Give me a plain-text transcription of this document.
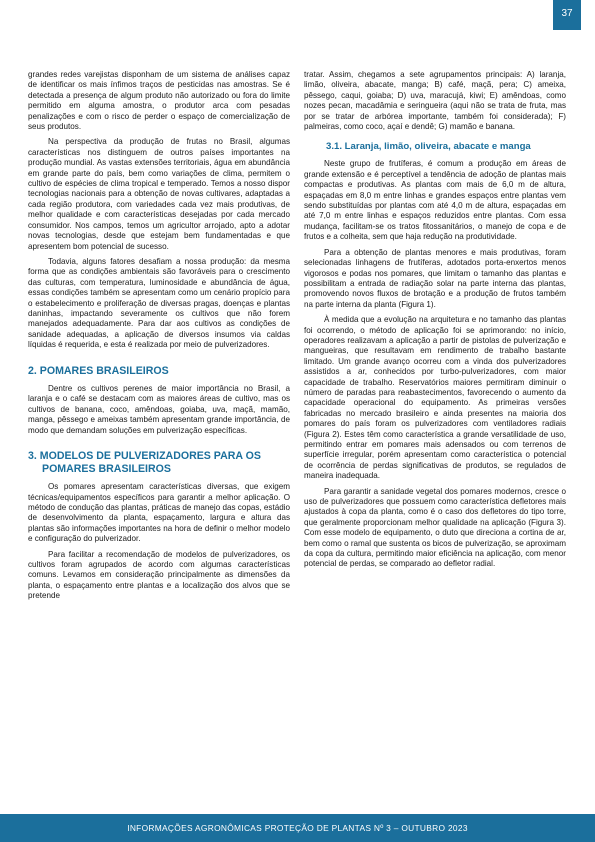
37

grandes redes varejistas disponham de um sistema de análises capaz de identificar os mais ínfimos traços de pesticidas nas amostras. Se é detectada a presença de algum produto não autorizado ou fora do limite permitido em alguma amostra, o produtor arca com pesadas penalizações e com o risco de perder o espaço de comercialização de seus produtos.

Na perspectiva da produção de frutas no Brasil, algumas características nos distinguem de outros países importantes na produção mundial. As vastas extensões territoriais, água em abundância em grande parte do país, bem como variações de clima, permitem o cultivo de espécies de clima tropical e temperado. Temos a nosso dispor tecnologias nacionais para a obtenção de novas cultivares, adaptadas a cada região produtora, com variedades cada vez mais produtivas, de melhor qualidade e com características desejadas por cada mercado consumidor. Nos campos, temos um agricultor arrojado, apto a adotar novas tecnologias, desde que estejam bem fundamentadas e que apresentem bom potencial de sucesso.

Todavia, alguns fatores desafiam a nossa produção: da mesma forma que as condições ambientais são favoráveis para o crescimento das culturas, com temperatura, luminosidade e abundância de água, essas condições também se apresentam como um cenário propício para o estabelecimento e proliferação de diversas pragas, doenças e plantas daninhas, impactando severamente os cultivos que não forem manejados adequadamente. Para dar aos cultivos as condições de sanidade adequadas, a aplicação de diversos insumos via caldas líquidas é requerida, e esta é realizada por meio de pulverizadores.

2. POMARES BRASILEIROS

Dentre os cultivos perenes de maior importância no Brasil, a laranja e o café se destacam com as maiores áreas de cultivo, mas os cultivos de banana, coco, amêndoas, goiaba, uva, maçã, mamão, manga, pêssego e ameixas também apresentam grande importância, de modo que demandam soluções em pulverização específicas.

3. MODELOS DE PULVERIZADORES PARA OS
POMARES BRASILEIROS

Os pomares apresentam características diversas, que exigem técnicas/equipamentos específicos para garantir a melhor aplicação. O método de condução das plantas, práticas de manejo das copas, estádio de desenvolvimento da planta, espaçamento, largura e altura das plantas são informações importantes na hora de definir o melhor modelo e configuração do pulverizador.

Para facilitar a recomendação de modelos de pulverizadores, os cultivos foram agrupados de acordo com algumas características comuns. Levamos em consideração principalmente as dimensões da planta, o espaçamento entre plantas e a localização dos alvos que se pretende

tratar. Assim, chegamos a sete agrupamentos principais: A) laranja, limão, oliveira, abacate, manga; B) café, maçã, pera; C) ameixa, pêssego, caqui, goiaba; D) uva, maracujá, kiwi; E) amêndoas, como nozes pecan, macadâmia e seringueira (aqui não se trata de fruta, mas por se tratar de arbórea importante, também foi considerada); F) palmeiras, como coco, açaí e dendê; G) mamão e banana.

3.1. Laranja, limão, oliveira, abacate e manga

Neste grupo de frutíferas, é comum a produção em áreas de grande extensão e é perceptível a tendência de adoção de plantas mais compactas e produtivas. As plantas com mais de 6,0 m de altura, espaçadas em 8,0 m entre linhas e grandes espaços entre plantas vem sendo substituídas por plantas com até 4,0 m de altura, espaçadas em até 7,0 m entre linhas e espaços reduzidos entre plantas. Com essa mudança, facilitam-se os tratos fitossanitários, o manejo de copa e de frutos e a colheita, sem que haja redução na produtividade.

Para a obtenção de plantas menores e mais produtivas, foram selecionadas linhagens de frutíferas, adotados porta-enxertos menos vigorosos e podas nos pomares, que limitam o tamanho das plantas e possibilitam a entrada de radiação solar na parte interna das plantas, promovendo novos fluxos de brotação e a produção de frutos também na parte interna da planta (Figura 1).

À medida que a evolução na arquitetura e no tamanho das plantas foi ocorrendo, o método de aplicação foi se aprimorando: no início, operadores realizavam a aplicação a partir de pistolas de pulverização e mangueiras, que resultavam em rendimento de trabalho bastante limitado. Um grande avanço ocorreu com a vinda dos pulverizadores assistidos a ar, conhecidos por turbo-pulverizadores, com maior capacidade de trabalho. Reservatórios maiores permitiram diminuir o número de paradas para reabastecimentos, favorecendo o aumento da capacidade operacional do equipamento. As primeiras versões fabricadas no mercado brasileiro e ainda presentes na maioria dos pomares do país foram os pulverizadores com ventiladores radiais (Figura 2). Estes têm como característica a grande versatilidade de uso, permitindo entrar em pomares mais adensados ou com terrenos de superfície irregular, porém apresentam como característica o potencial de ocorrência de perdas significativas de produtos, se regulados de maneira inadequada.

Para garantir a sanidade vegetal dos pomares modernos, cresce o uso de pulverizadores que possuem como característica defletores mais ajustados à copa da planta, como é o caso dos defletores do tipo torre, que geralmente proporcionam melhor qualidade na aplicação (Figura 3). Com esse modelo de equipamento, o duto que direciona a cortina de ar, bem como o ramal que sustenta os bicos de pulverização, se aproximam da copa da cultura, permitindo maior eficiência na aplicação, com menor potencial de perdas, se comparado ao defletor radial.

INFORMAÇÕES AGRONÔMICAS PROTEÇÃO DE PLANTAS Nº 3 – OUTUBRO 2023
